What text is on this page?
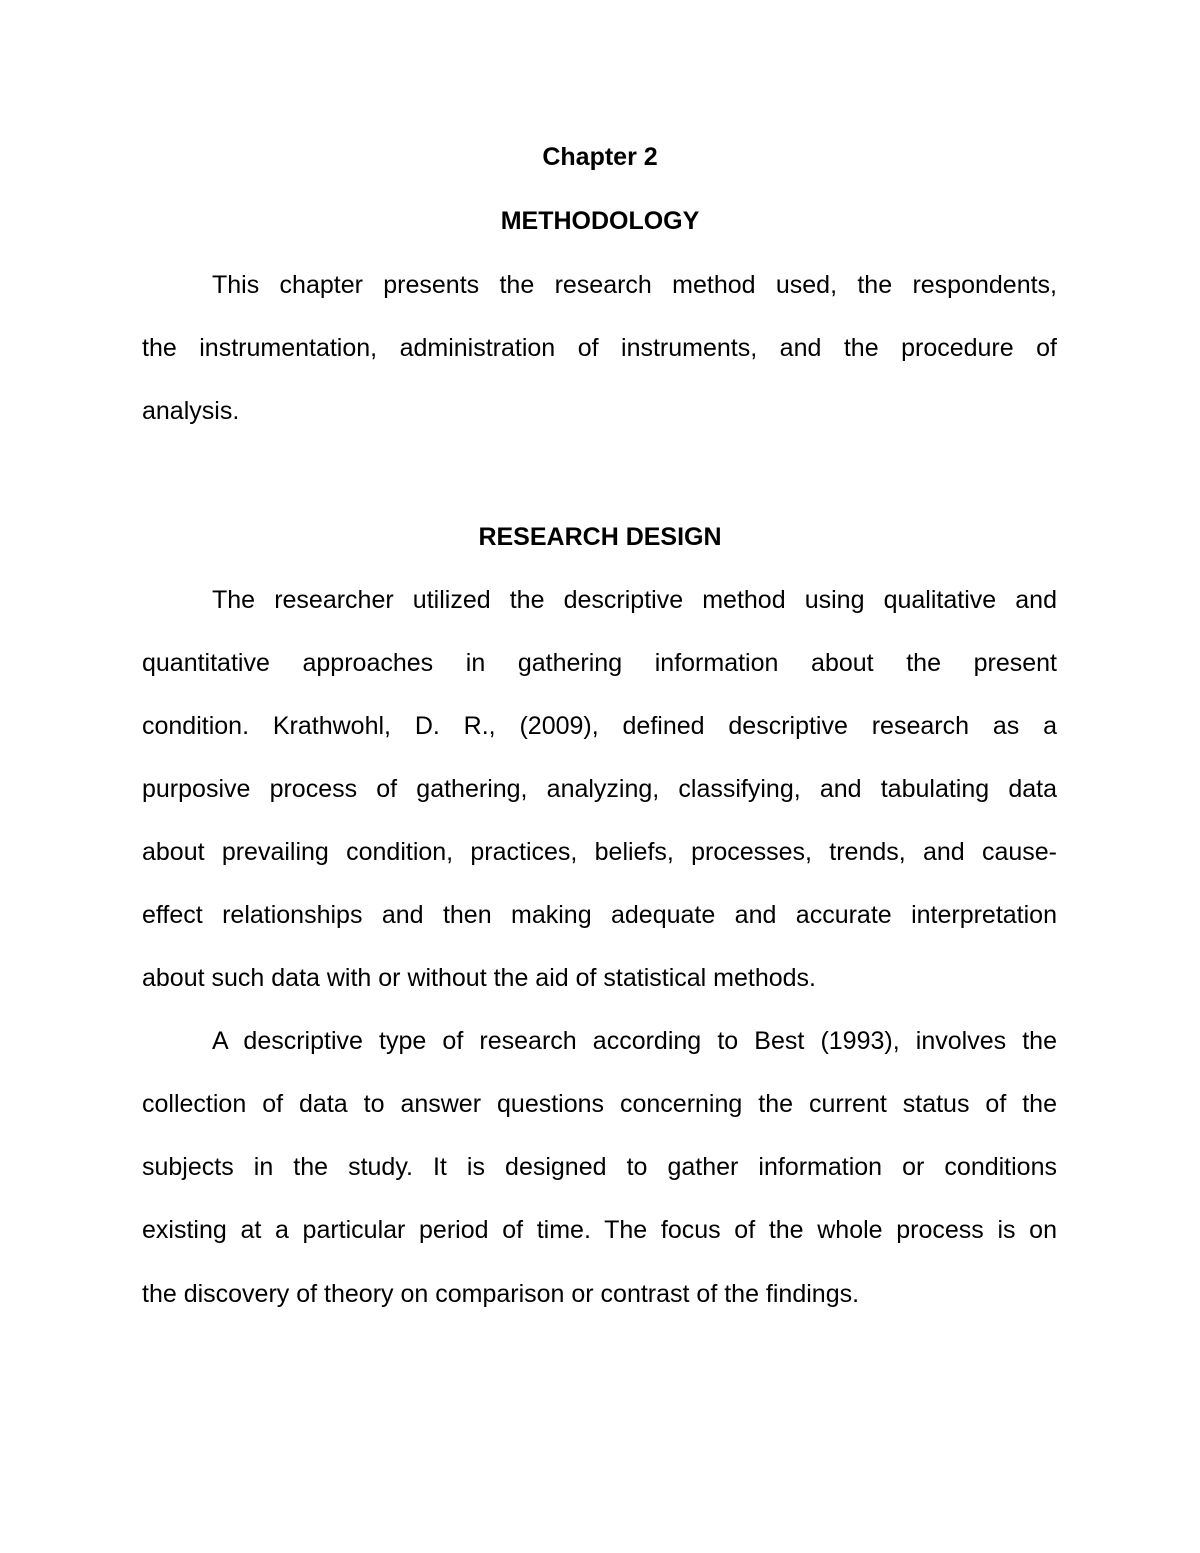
Chapter 2

METHODOLOGY

This chapter presents the research method used, the respondents,

the instrumentation, administration of instruments, and the procedure of

analysis.

RESEARCH DESIGN

The researcher utilized the descriptive method using qualitative and

quantitative approaches in gathering information about the present

condition. Krathwohl, D. R., (2009), defined descriptive research as a

purposive process of gathering, analyzing, classifying, and tabulating data

about prevailing condition, practices, beliefs, processes, trends, and cause-

effect relationships and then making adequate and accurate interpretation

about such data with or without the aid of statistical methods.

A descriptive type of research according to Best (1993), involves the

collection of data to answer questions concerning the current status of the

subjects in the study. It is designed to gather information or conditions

existing at a particular period of time. The focus of the whole process is on

the discovery of theory on comparison or contrast of the findings.
